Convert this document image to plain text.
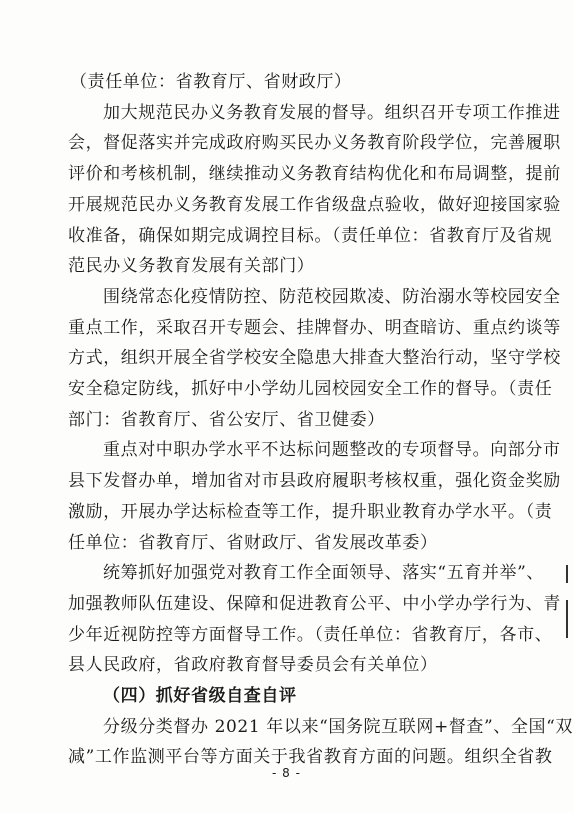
（责任单位：省教育厅、省财政厅）
加大规范民办义务教育发展的督导。组织召开专项工作推进
会，督促落实并完成政府购买民办义务教育阶段学位，完善履职
评价和考核机制，继续推动义务教育结构优化和布局调整，提前
开展规范民办义务教育发展工作省级盘点验收，做好迎接国家验
收准备，确保如期完成调控目标。（责任单位：省教育厅及省规
范民办义务教育发展有关部门）
围绕常态化疫情防控、防范校园欺凌、防治溺水等校园安全
重点工作，采取召开专题会、挂牌督办、明查暗访、重点约谈等
方式，组织开展全省学校安全隐患大排查大整治行动，坚守学校
安全稳定防线，抓好中小学幼儿园校园安全工作的督导。（责任
部门：省教育厅、省公安厅、省卫健委）
重点对中职办学水平不达标问题整改的专项督导。向部分市
县下发督办单，增加省对市县政府履职考核权重，强化资金奖励
激励，开展办学达标检查等工作，提升职业教育办学水平。（责
任单位：省教育厅、省财政厅、省发展改革委）
统筹抓好加强党对教育工作全面领导、落实“五育并举”、
加强教师队伍建设、保障和促进教育公平、中小学办学行为、青
少年近视防控等方面督导工作。（责任单位：省教育厅，各市、
县人民政府，省政府教育督导委员会有关单位）
（四）抓好省级自查自评
分级分类督办 2021 年以来“国务院互联网+督查”、全国“双
减”工作监测平台等方面关于我省教育方面的问题。组织全省教
- 8 -
